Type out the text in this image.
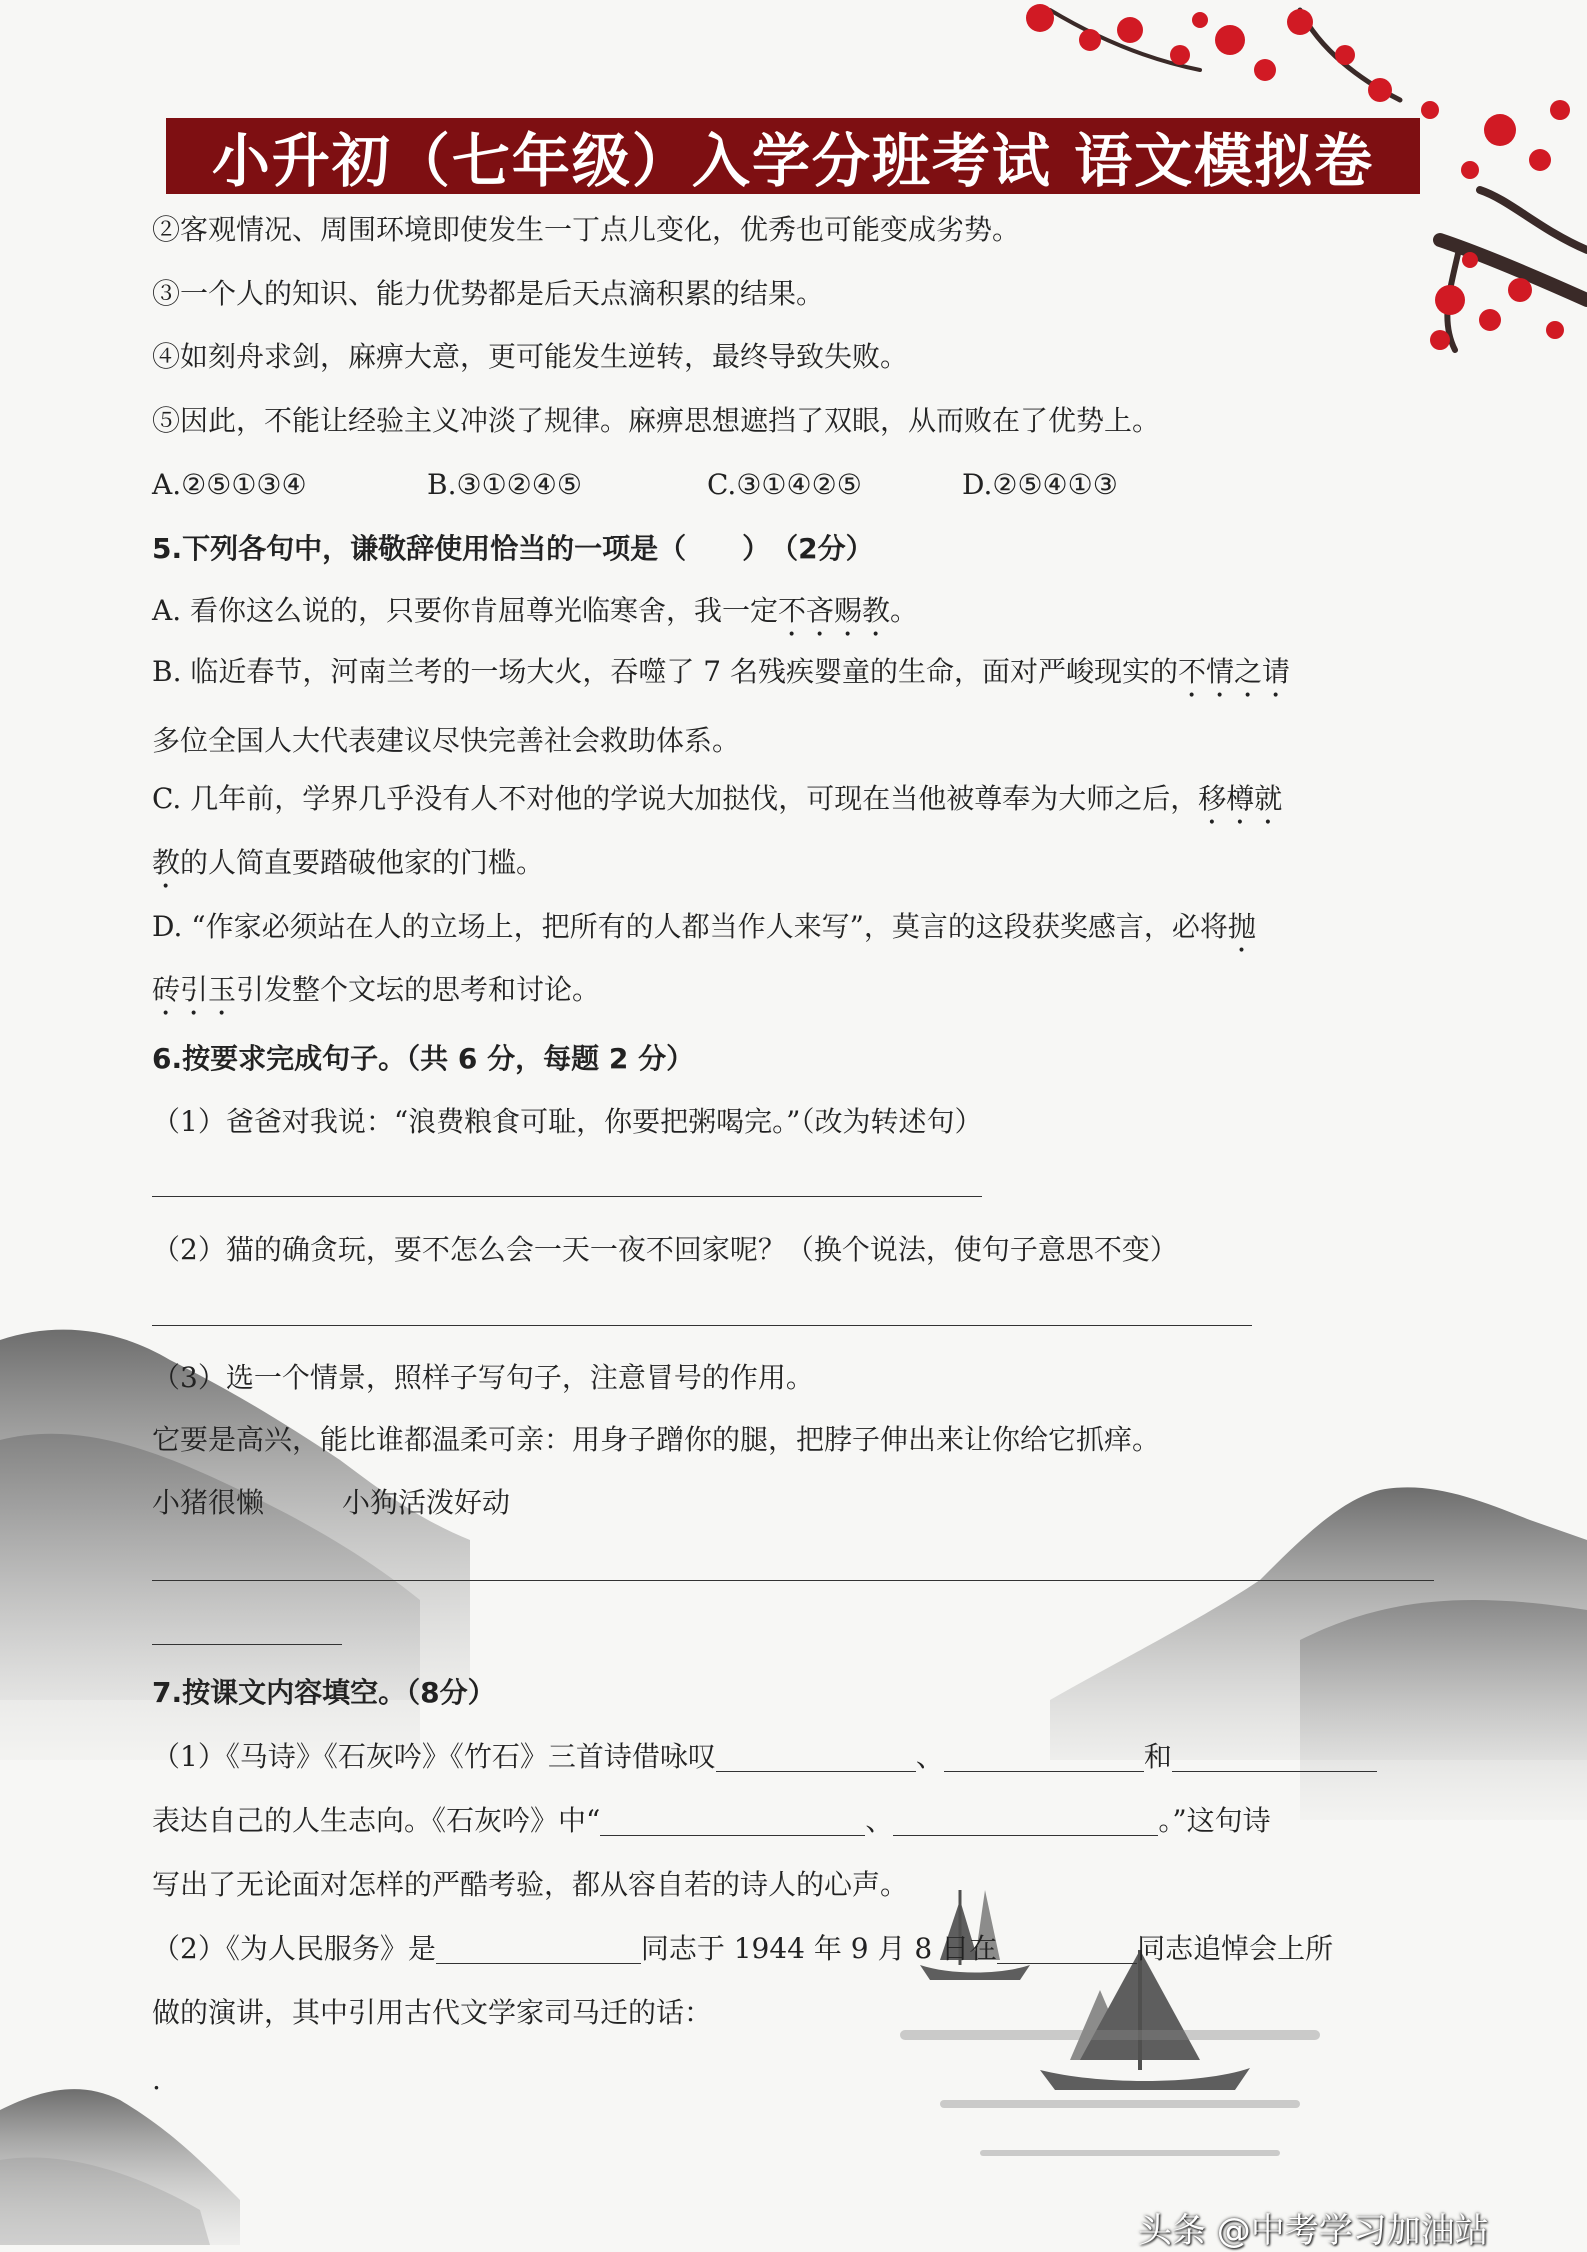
小升初（七年级）入学分班考试 语文模拟卷
②客观情况、周围环境即使发生一丁点儿变化，优秀也可能变成劣势。
③一个人的知识、能力优势都是后天点滴积累的结果。
④如刻舟求剑，麻痹大意，更可能发生逆转，最终导致失败。
⑤因此，不能让经验主义冲淡了规律。麻痹思想遮挡了双眼，从而败在了优势上。
A.②⑤①③④	B.③①②④⑤	C.③①④②⑤	D.②⑤④①③
5.下列各句中，谦敬辞使用恰当的一项是（　　）　（2分）
A. 看你这么说的，只要你肯屈尊光临寒舍，我一定不吝赐教。
B. 临近春节，河南兰考的一场大火，吞噬了 7 名残疾婴童的生命，面对严峻现实的不情之请
多位全国人大代表建议尽快完善社会救助体系。
C. 几年前，学界几乎没有人不对他的学说大加挞伐，可现在当他被尊奉为大师之后，移樽就
教的人简直要踏破他家的门槛。
D. “作家必须站在人的立场上，把所有的人都当作人来写”，莫言的这段获奖感言，必将抛
砖引玉引发整个文坛的思考和讨论。
6.按要求完成句子。（共 6 分，每题 2 分）
（1）爸爸对我说：“浪费粮食可耻，你要把粥喝完。”（改为转述句）
（2）猫的确贪玩，要不怎么会一天一夜不回家呢？（换个说法，使句子意思不变）
（3）选一个情景，照样子写句子，注意冒号的作用。
它要是高兴，能比谁都温柔可亲：用身子蹭你的腿，把脖子伸出来让你给它抓痒。
小猪很懒	小狗活泼好动
7.按课文内容填空。（8分）
（1）《马诗》《石灰吟》《竹石》三首诗借咏叹	、	和
表达自己的人生志向。《石灰吟》中“	、	。”这句诗
写出了无论面对怎样的严酷考验，都从容自若的诗人的心声。
（2）《为人民服务》是	同志于 1944 年 9 月 8 日在	同志追悼会上所
做的演讲，其中引用古代文学家司马迁的话：
.
头条 @中考学习加油站
